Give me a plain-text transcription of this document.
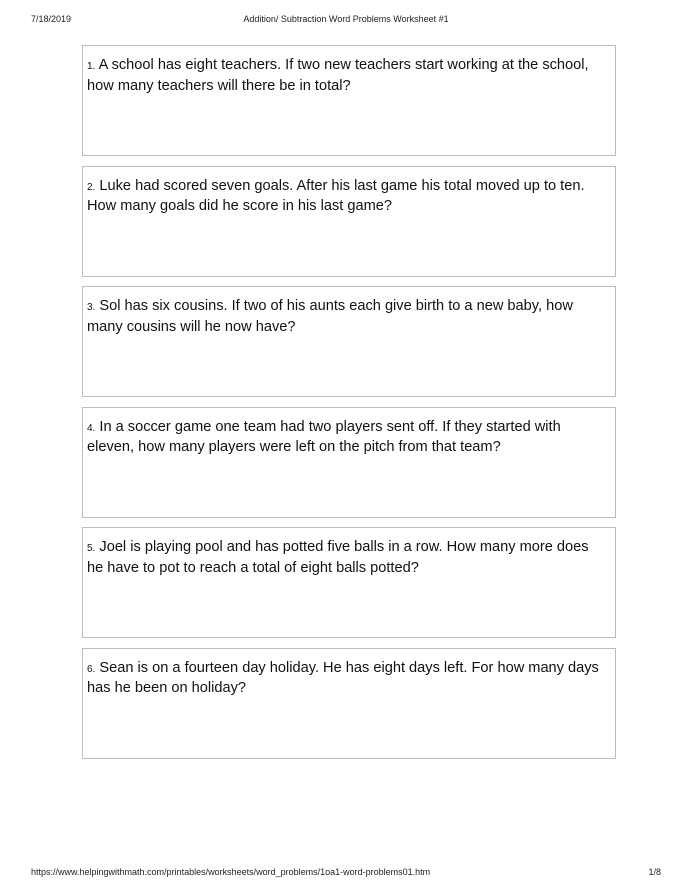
7/18/2019	Addition/ Subtraction Word Problems Worksheet #1
1. A school has eight teachers. If two new teachers start working at the school, how many teachers will there be in total?
2. Luke had scored seven goals. After his last game his total moved up to ten. How many goals did he score in his last game?
3. Sol has six cousins. If two of his aunts each give birth to a new baby, how many cousins will he now have?
4. In a soccer game one team had two players sent off. If they started with eleven, how many players were left on the pitch from that team?
5. Joel is playing pool and has potted five balls in a row. How many more does he have to pot to reach a total of eight balls potted?
6. Sean is on a fourteen day holiday. He has eight days left. For how many days has he been on holiday?
https://www.helpingwithmath.com/printables/worksheets/word_problems/1oa1-word-problems01.htm	1/8
